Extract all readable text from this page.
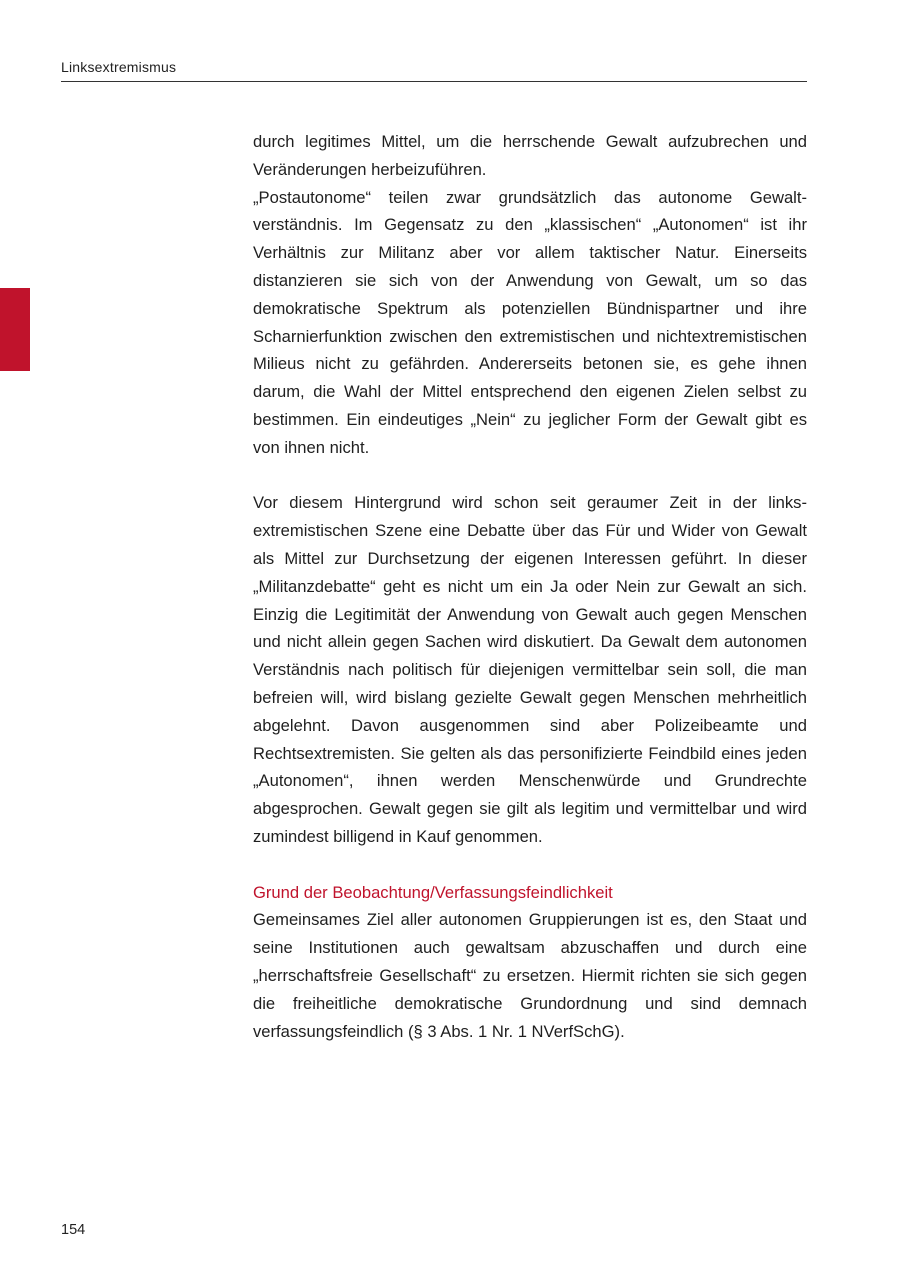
Linksextremismus

durch legitimes Mittel, um die herrschende Gewalt aufzubrechen und Veränderungen herbeizuführen.

„Postautonome“ teilen zwar grundsätzlich das autonome Gewaltverständnis. Im Gegensatz zu den „klassischen“ „Autonomen“ ist ihr Verhältnis zur Militanz aber vor allem taktischer Natur. Einerseits distanzieren sie sich von der Anwendung von Gewalt, um so das demokratische Spektrum als potenziellen Bündnispartner und ihre Scharnierfunktion zwischen den extremistischen und nichtextremistischen Milieus nicht zu gefährden. Andererseits betonen sie, es gehe ihnen darum, die Wahl der Mittel entsprechend den eigenen Zielen selbst zu bestimmen. Ein eindeutiges „Nein“ zu jeglicher Form der Gewalt gibt es von ihnen nicht.

Vor diesem Hintergrund wird schon seit geraumer Zeit in der linksextremistischen Szene eine Debatte über das Für und Wider von Gewalt als Mittel zur Durchsetzung der eigenen Interessen geführt. In dieser „Militanzdebatte“ geht es nicht um ein Ja oder Nein zur Gewalt an sich. Einzig die Legitimität der Anwendung von Gewalt auch gegen Menschen und nicht allein gegen Sachen wird diskutiert. Da Gewalt dem autonomen Verständnis nach politisch für diejenigen vermittelbar sein soll, die man befreien will, wird bislang gezielte Gewalt gegen Menschen mehrheitlich abgelehnt. Davon ausgenommen sind aber Polizeibeamte und Rechtsextremisten. Sie gelten als das personifizierte Feindbild eines jeden „Autonomen“, ihnen werden Menschenwürde und Grundrechte abgesprochen. Gewalt gegen sie gilt als legitim und vermittelbar und wird zumindest billigend in Kauf genommen.

Grund der Beobachtung/Verfassungsfeindlichkeit

Gemeinsames Ziel aller autonomen Gruppierungen ist es, den Staat und seine Institutionen auch gewaltsam abzuschaffen und durch eine „herrschaftsfreie Gesellschaft“ zu ersetzen. Hiermit richten sie sich gegen die freiheitliche demokratische Grundordnung und sind demnach verfassungsfeindlich (§ 3 Abs. 1 Nr. 1 NVerfSchG).

154
